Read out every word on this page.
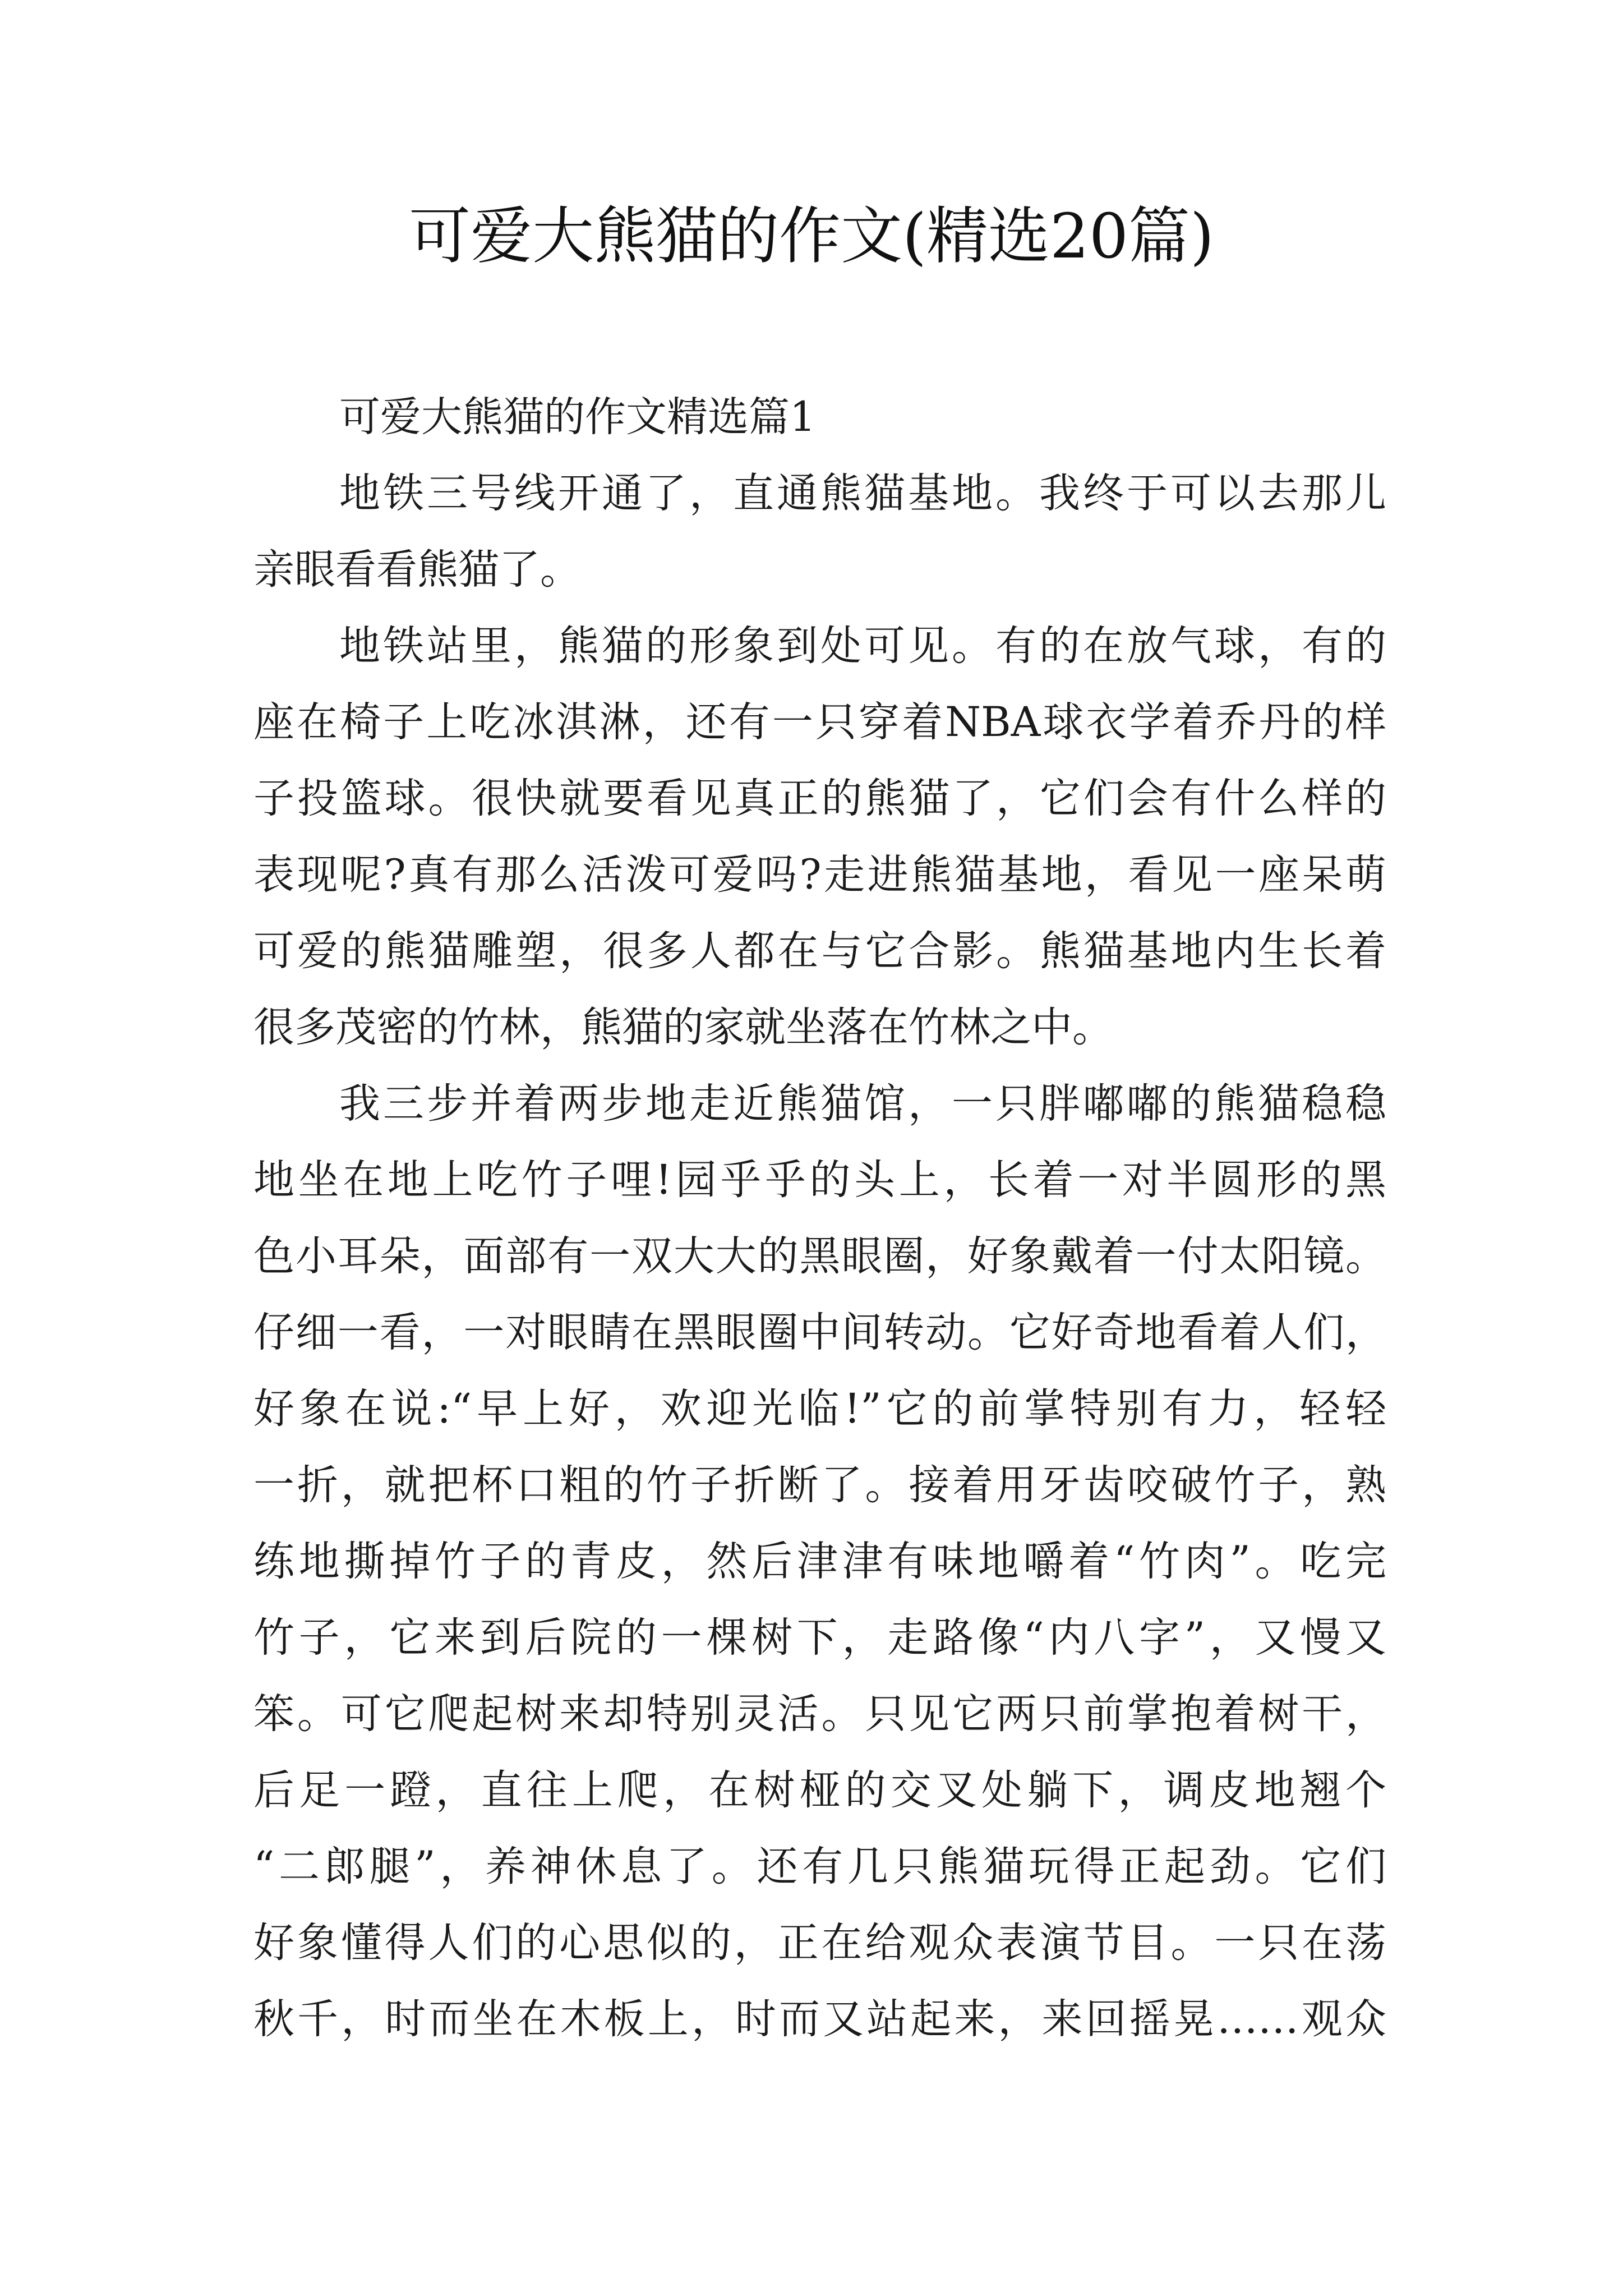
可爱大熊猫的作文(精选20篇)
可爱大熊猫的作文精选篇1
地铁三号线开通了，直通熊猫基地。我终于可以去那儿
亲眼看看熊猫了。
地铁站里，熊猫的形象到处可见。有的在放气球，有的
座在椅子上吃冰淇淋，还有一只穿着NBA球衣学着乔丹的样
子投篮球。很快就要看见真正的熊猫了，它们会有什么样的
表现呢?真有那么活泼可爱吗?走进熊猫基地，看见一座呆萌
可爱的熊猫雕塑，很多人都在与它合影。熊猫基地内生长着
很多茂密的竹林，熊猫的家就坐落在竹林之中。
我三步并着两步地走近熊猫馆，一只胖嘟嘟的熊猫稳稳
地坐在地上吃竹子哩!园乎乎的头上，长着一对半圆形的黑
色小耳朵，面部有一双大大的黑眼圈，好象戴着一付太阳镜。
仔细一看，一对眼睛在黑眼圈中间转动。它好奇地看着人们，
好象在说:“早上好，欢迎光临!”它的前掌特别有力，轻轻
一折，就把杯口粗的竹子折断了。接着用牙齿咬破竹子，熟
练地撕掉竹子的青皮，然后津津有味地嚼着“竹肉”。吃完
竹子，它来到后院的一棵树下，走路像“内八字”，又慢又
笨。可它爬起树来却特别灵活。只见它两只前掌抱着树干，
后足一蹬，直往上爬，在树桠的交叉处躺下，调皮地翘个
“二郎腿”，养神休息了。还有几只熊猫玩得正起劲。它们
好象懂得人们的心思似的，正在给观众表演节目。一只在荡
秋千，时而坐在木板上，时而又站起来，来回摇晃……观众
